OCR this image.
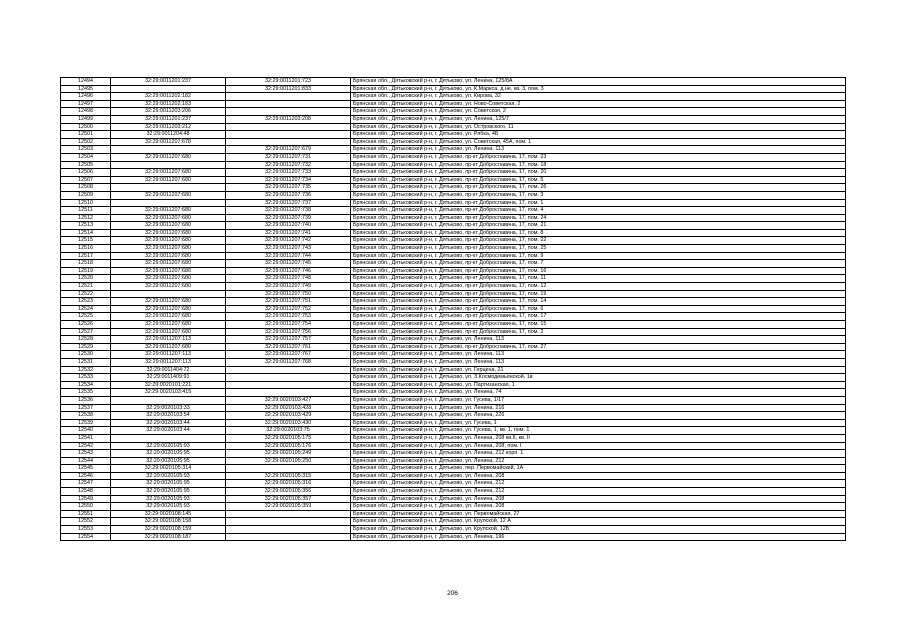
12494	32:29:0011201:237	32:29:0011201:723	Брянская обл., Дятьковский р-н, г. Дятьково, ул. Ленина, 125/8А
12495		32:29:0011201:833	Брянская обл., Дятьковский р-н, г. Дятьково, ул. К.Маркса, д.не, кв. 3, пом. 3
12496	32:29:0011202:182		Брянская обл., Дятьковский р-н, г. Дятьково, ул. Кирова, 32
12497	32:29:0011202:183		Брянская обл., Дятьковский р-н, г. Дятьково, ул. Ново-Советская, 2
12498	32:29:0011203:206		Брянская обл., Дятьковский р-н, г. Дятьково, ул. Советская, 2
12499	32:29:0011201:237	32:29:0011203:208	Брянская обл., Дятьковский р-н, г. Дятьково, ул. Ленина, 125/7
12500	32:29:0011203:212		Брянская обл., Дятьковский р-н, г. Дятьково, ул. Островского, 11
12501	32:29:0011204:48		Брянская обл., Дятьковский р-н, г. Дятьково, ул. Рябка, 4Б
12502	32:29:0011207:678		Брянская обл., Дятьковский р-н, г. Дятьково, ул. Советская, 45А, пом. 1
12503		32:29:0011207:679	Брянская обл., Дятьковский р-н, г. Дятьково, ул. Ленина, 113
12504	32:29:0011207:680	32:29:0011207:731	Брянская обл., Дятьковский р-н, г. Дятьково, пр-кт Доброславина, 17, пом. 23
12505		32:29:0011207:732	Брянская обл., Дятьковский р-н, г. Дятьково, пр-кт Доброславина, 17, пом. 18
12506	32:29:0011207:680	32:29:0011207:733	Брянская обл., Дятьковский р-н, г. Дятьково, пр-кт Доброславина, 17, пом. 20
12507	32:29:0011207:680	32:29:0011207:734	Брянская обл., Дятьковский р-н, г. Дятьково, пр-кт Доброславина, 17, пом. 5
12508		32:29:0011207:735	Брянская обл., Дятьковский р-н, г. Дятьково, пр-кт Доброславина, 17, пом. 26
12509	32:29:0011207:680	32:29:0011207:736	Брянская обл., Дятьковский р-н, г. Дятьково, пр-кт Доброславина, 17, пом. 3
12510		32:29:0011207:737	Брянская обл., Дятьковский р-н, г. Дятьково, пр-кт Доброславина, 17, пом. 1
12511	32:29:0011207:680	32:29:0011207:738	Брянская обл., Дятьковский р-н, г. Дятьково, пр-кт Доброславина, 17, пом. 4
12512	32:29:0011207:680	32:29:0011207:739	Брянская обл., Дятьковский р-н, г. Дятьково, пр-кт Доброславина, 17, пом. 24
12513	32:29:0011207:680	32:29:0011207:740	Брянская обл., Дятьковский р-н, г. Дятьково, пр-кт Доброславина, 17, пом. 21
12514	32:29:0011207:680	32:29:0011207:741	Брянская обл., Дятьковский р-н, г. Дятьково, пр-кт Доброславина, 17, пом. 8
12515	32:29:0011207:680	32:29:0011207:742	Брянская обл., Дятьковский р-н, г. Дятьково, пр-кт Доброславина, 17, пом. 22
12516	32:29:0011207:680	32:29:0011207:743	Брянская обл., Дятьковский р-н, г. Дятьково, пр-кт Доброславина, 17, пом. 25
12517	32:29:0011207:680	32:29:0011207:744	Брянская обл., Дятьковский р-н, г. Дятьково, пр-кт Доброславина, 17, пом. 9
12518	32:29:0011207:680	32:29:0011207:745	Брянская обл., Дятьковский р-н, г. Дятьково, пр-кт Доброславина, 17, пом. 7
12519	32:29:0011207:680	32:29:0011207:746	Брянская обл., Дятьковский р-н, г. Дятьково, пр-кт Доброславина, 17, пом. 16
12520	32:29:0011207:680	32:29:0011207:748	Брянская обл., Дятьковский р-н, г. Дятьково, пр-кт Доброславина, 17, пом. 11
12521	32:29:0011207:680	32:29:0011207:749	Брянская обл., Дятьковский р-н, г. Дятьково, пр-кт Доброславина, 17, пом. 12
12522		32:29:0011207:750	Брянская обл., Дятьковский р-н, г. Дятьково, пр-кт Доброславина, 17, пом. 19
12523	32:29:0011207:680	32:29:0011207:751	Брянская обл., Дятьковский р-н, г. Дятьково, пр-кт Доброславина, 17, пом. 14
12524	32:29:0011207:680	32:29:0011207:752	Брянская обл., Дятьковский р-н, г. Дятьково, пр-кт Доброславина, 17, пом. 6
12525	32:29:0011207:680	32:29:0011207:753	Брянская обл., Дятьковский р-н, г. Дятьково, пр-кт Доброславина, 17, пом. 17
12526	32:29:0011207:680	32:29:0011207:754	Брянская обл., Дятьковский р-н, г. Дятьково, пр-кт Доброславина, 17, пом. 15
12527	32:29:0011207:680	32:29:0011207:756	Брянская обл., Дятьковский р-н, г. Дятьково, пр-кт Доброславина, 17, пом. 2
12528	32:29:0011207:113	32:29:0011207:757	Брянская обл., Дятьковский р-н, г. Дятьково, ул. Ленина, 113
12529	32:29:0011207:680	32:29:0011207:761	Брянская обл., Дятьковский р-н, г. Дятьково, пр-кт Доброславина, 17, пом. 27
12530	32:29:0011207:113	32:29:0011207:767	Брянская обл., Дятьковский р-н, г. Дятьково, ул. Ленина, 113
12531	32:29:0011207:113	32:29:0011207:768	Брянская обл., Дятьковский р-н, г. Дятьково, ул. Ленина, 113
12532	32:29:0011404:72		Брянская обл., Дятьковский р-н, г. Дятьково, ул. Герцена, 21
12533	32:29:0011409:91		Брянская обл., Дятьковский р-н, г. Дятьково, ул. З.Космодемьянской, 1в
12534	32:29:0020101:221		Брянская обл., Дятьковский р-н, г. Дятьково, ул. Партизанская, 1
12535	32:29:0020103:415		Брянская обл., Дятьковский р-н, г. Дятьково, ул. Ленина, 74
12536		32:29:0020103:427	Брянская обл., Дятьковский р-н, г. Дятьково, ул. Гусева, 1/17
12537	32:29:0020103:33	32:29:0020103:428	Брянская обл., Дятьковский р-н, г. Дятьково, ул. Ленина, 216
12538	32:29:0020103:54	32:29:0020103:429	Брянская обл., Дятьковский р-н, г. Дятьково, ул. Ленина, 226
12539	32:29:0020103:44	32:29:0020103:430	Брянская обл., Дятьковский р-н, г. Дятьково, ул. Гусева, 1
12540	32:29:0020103:44	32:29:0020103:75	Брянская обл., Дятьковский р-н, г. Дятьково, ул. Гусева, 1, кв. 1, пом. 1
12541		32:29:0020105:175	Брянская обл., Дятьковский р-н, г. Дятьково, ул. Ленина, 208 кв.II, кв. II
12542	32:29:0020105:93	32:29:0020105:176	Брянская обл., Дятьковский р-н, г. Дятьково, ул. Ленина, 208, пом. I
12543	32:29:0020105:95	32:29:0020105:249	Брянская обл., Дятьковский р-н, г. Дятьково, ул. Ленина, 212 корп. 1
12544	32:29:0020105:95	32:29:0020105:250	Брянская обл., Дятьковский р-н, г. Дятьково, ул. Ленина, 212
12545	32:29:0020105:314		Брянская обл., Дятьковский р-н, г. Дятьково, пер. Первомайский, 1А
12546	32:29:0020105:93	32:29:0020105:315	Брянская обл., Дятьковский р-н, г. Дятьково, ул. Ленина, 208
12547	32:29:0020105:95	32:29:0020105:316	Брянская обл., Дятьковский р-н, г. Дятьково, ул. Ленина, 212
12548	32:29:0020105:95	32:29:0020105:356	Брянская обл., Дятьковский р-н, г. Дятьково, ул. Ленина, 212
12549	32:29:0020105:93	32:29:0020105:357	Брянская обл., Дятьковский р-н, г. Дятьково, ул. Ленина, 208
12550	32:29:0020105:93	32:29:0020105:359	Брянская обл., Дятьковский р-н, г. Дятьково, ул. Ленина, 208
12551	32:29:0020108:145		Брянская обл., Дятьковский р-н, г. Дятьково, ул. Первомайская, 27
12552	32:29:0020108:158		Брянская обл., Дятьковский р-н, г. Дятьково, ул. Крупской, 12 А
12553	32:29:0020108:159		Брянская обл., Дятьковский р-н, г. Дятьково, ул. Крупской, 12Б
12554	32:29:0020108:187		Брянская обл., Дятьковский р-н, г. Дятьково, ул. Ленина, 196
206
